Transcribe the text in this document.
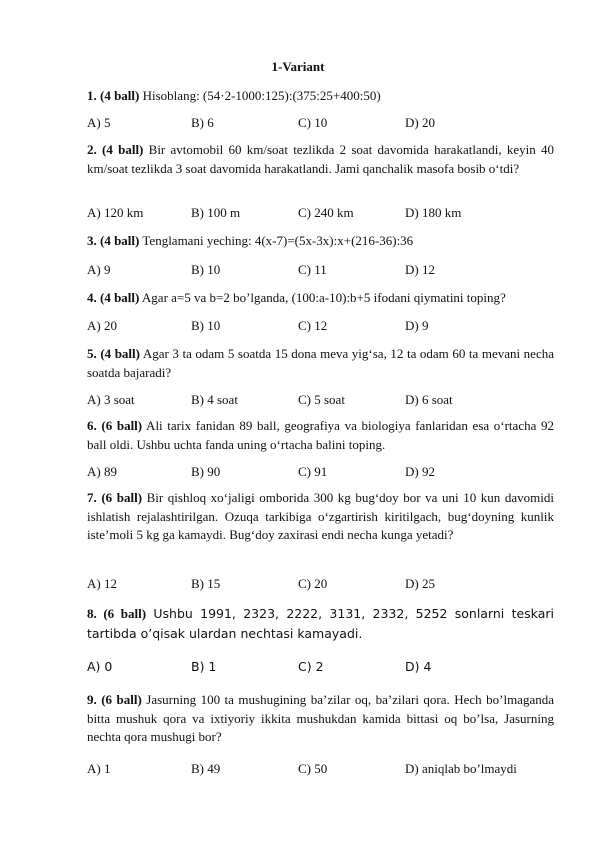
1-Variant
1. (4 ball) Hisoblang: (54·2-1000:125):(375:25+400:50)
A) 5	B) 6	C) 10	D) 20
2. (4 ball) Bir avtomobil 60 km/soat tezlikda 2 soat davomida harakatlandi, keyin 40 km/soat tezlikda 3 soat davomida harakatlandi. Jami qanchalik masofa bosib o‘tdi?
A) 120 km	B) 100 m	C) 240 km	D) 180 km
3. (4 ball) Tenglamani yeching: 4(x-7)=(5x-3x):x+(216-36):36
A) 9	B) 10	C) 11	D) 12
4. (4 ball) Agar a=5 va b=2 bo’lganda, (100:a-10):b+5 ifodani qiymatini toping?
A) 20	B) 10	C) 12	D) 9
5. (4 ball) Agar 3 ta odam 5 soatda 15 dona meva yig‘sa, 12 ta odam 60 ta mevani necha soatda bajaradi?
A) 3 soat	B) 4 soat	C) 5 soat	D) 6 soat
6. (6 ball) Ali tarix fanidan 89 ball, geografiya va biologiya fanlaridan esa o‘rtacha 92 ball oldi. Ushbu uchta fanda uning o‘rtacha balini toping.
A) 89	B) 90	C) 91	D) 92
7. (6 ball) Bir qishloq xo‘jaligi omborida 300 kg bug‘doy bor va uni 10 kun davomidi ishlatish rejalashtirilgan. Ozuqa tarkibiga o‘zgartirish kiritilgach, bug‘doyning kunlik iste’moli 5 kg ga kamaydi. Bug‘doy zaxirasi endi necha kunga yetadi?
A) 12	B) 15	C) 20	D) 25
8. (6 ball) Ushbu 1991, 2323, 2222, 3131, 2332, 5252 sonlarni teskari tartibda o’qisak ulardan nechtasi kamayadi.
A) 0	B) 1	C) 2	D) 4
9. (6 ball) Jasurning 100 ta mushugining ba’zilar oq, ba’zilari qora. Hech bo’lmaganda bitta mushuk qora va ixtiyoriy ikkita mushukdan kamida bittasi oq bo’lsa, Jasurning nechta qora mushugi bor?
A) 1	B) 49	C) 50	D) aniqlab bo’lmaydi
